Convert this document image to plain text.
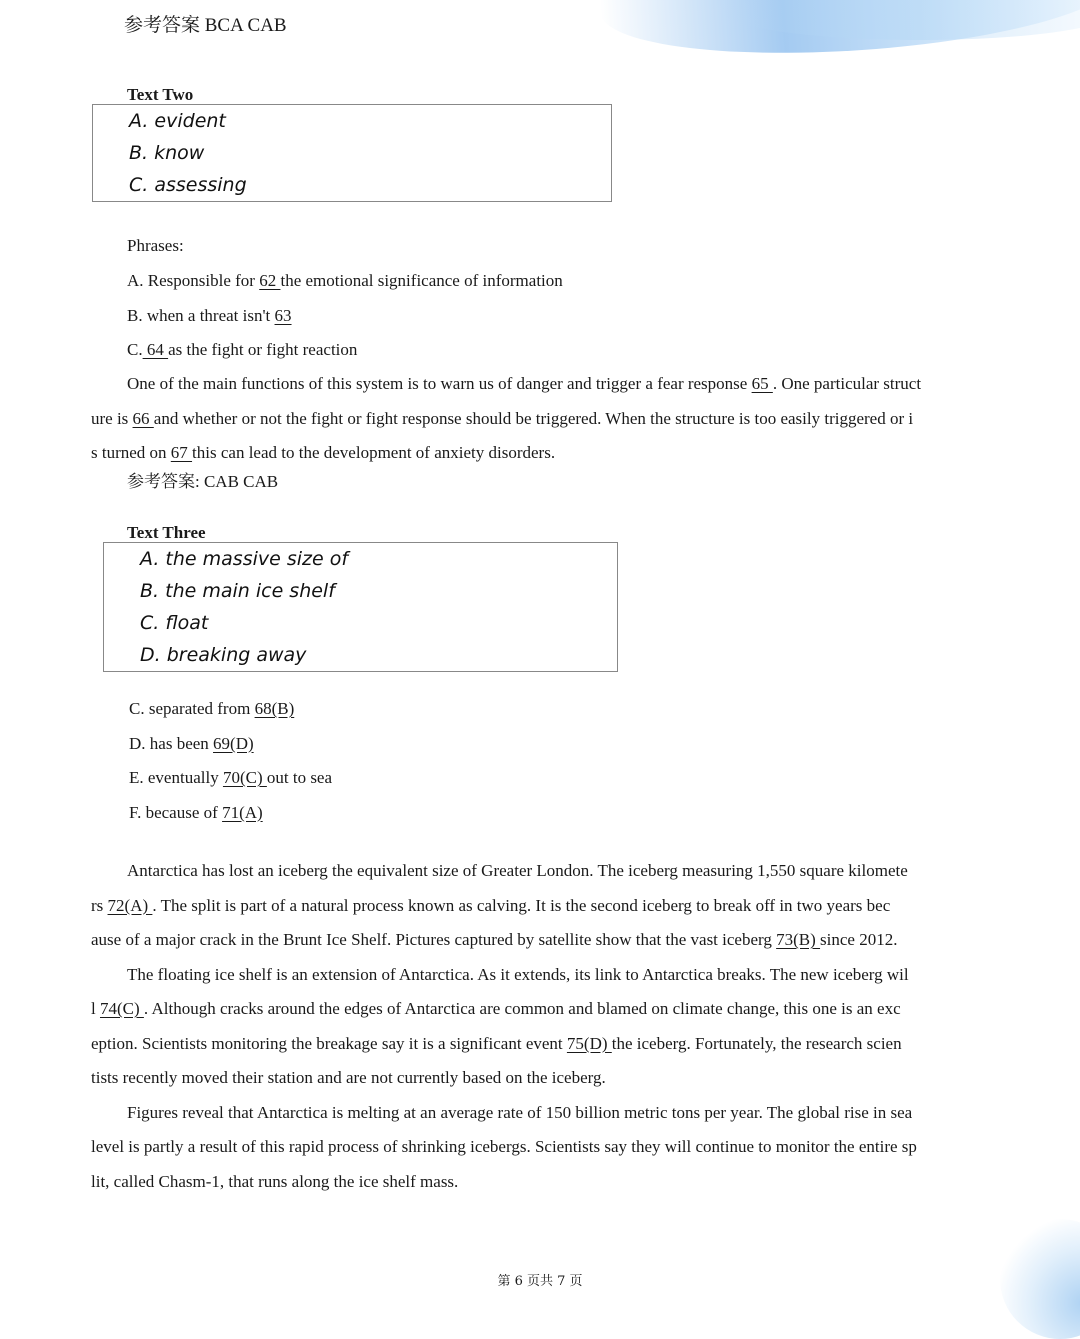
参考答案 BCA CAB
Text Two
A. evident
B. know
C. assessing
Phrases:
A. Responsible for 62 the emotional significance of information
B. when a threat isn't 63
C. 64 as the fight or fight reaction
One of the main functions of this system is to warn us of danger and trigger a fear response 65 . One particular struct
ure is 66 and whether or not the fight or fight response should be triggered. When the structure is too easily triggered or i
s turned on 67 this can lead to the development of anxiety disorders.
参考答案: CAB CAB
Text Three
A. the massive size of
B. the main ice shelf
C. float
D. breaking away
C. separated from 68(B)
D. has been 69(D)
E. eventually 70(C) out to sea
F. because of 71(A)
Antarctica has lost an iceberg the equivalent size of Greater London. The iceberg measuring 1,550 square kilomete
rs 72(A) . The split is part of a natural process known as calving. It is the second iceberg to break off in two years bec
ause of a major crack in the Brunt Ice Shelf. Pictures captured by satellite show that the vast iceberg 73(B) since 2012.
The floating ice shelf is an extension of Antarctica. As it extends, its link to Antarctica breaks. The new iceberg wil
l 74(C) . Although cracks around the edges of Antarctica are common and blamed on climate change, this one is an exc
eption. Scientists monitoring the breakage say it is a significant event 75(D) the iceberg. Fortunately, the research scien
tists recently moved their station and are not currently based on the iceberg.
Figures reveal that Antarctica is melting at an average rate of 150 billion metric tons per year. The global rise in sea
level is partly a result of this rapid process of shrinking icebergs. Scientists say they will continue to monitor the entire sp
lit, called Chasm-1, that runs along the ice shelf mass.
第 6 页共 7 页
